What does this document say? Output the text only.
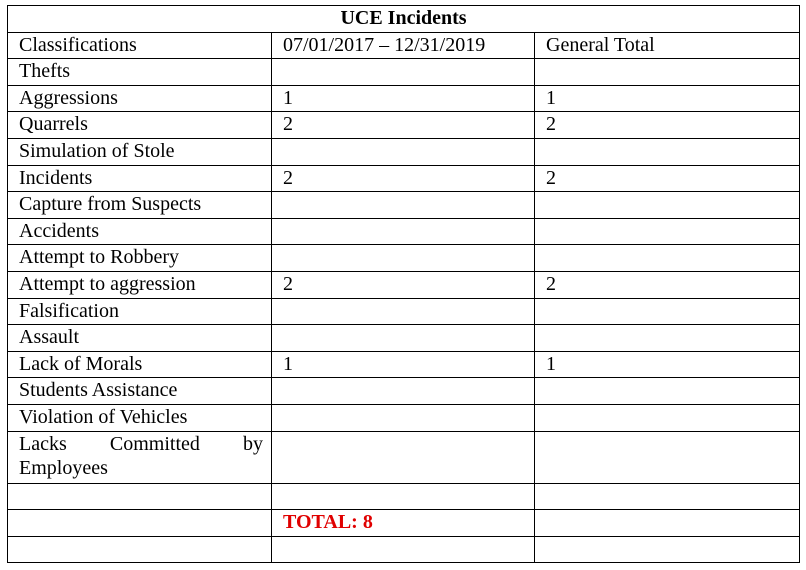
UCE Incidents		
Classifications	07/01/2017 – 12/31/2019	General Total
Thefts		
Aggressions	1	1
Quarrels	2	2
Simulation of Stole		
Incidents	2	2
Capture from Suspects		
Accidents		
Attempt to Robbery		
Attempt to aggression	2	2
Falsification		
Assault		
Lack of Morals	1	1
Students Assistance		
Violation of Vehicles		
Lacks Committed by Employees		

	TOTAL: 8	
